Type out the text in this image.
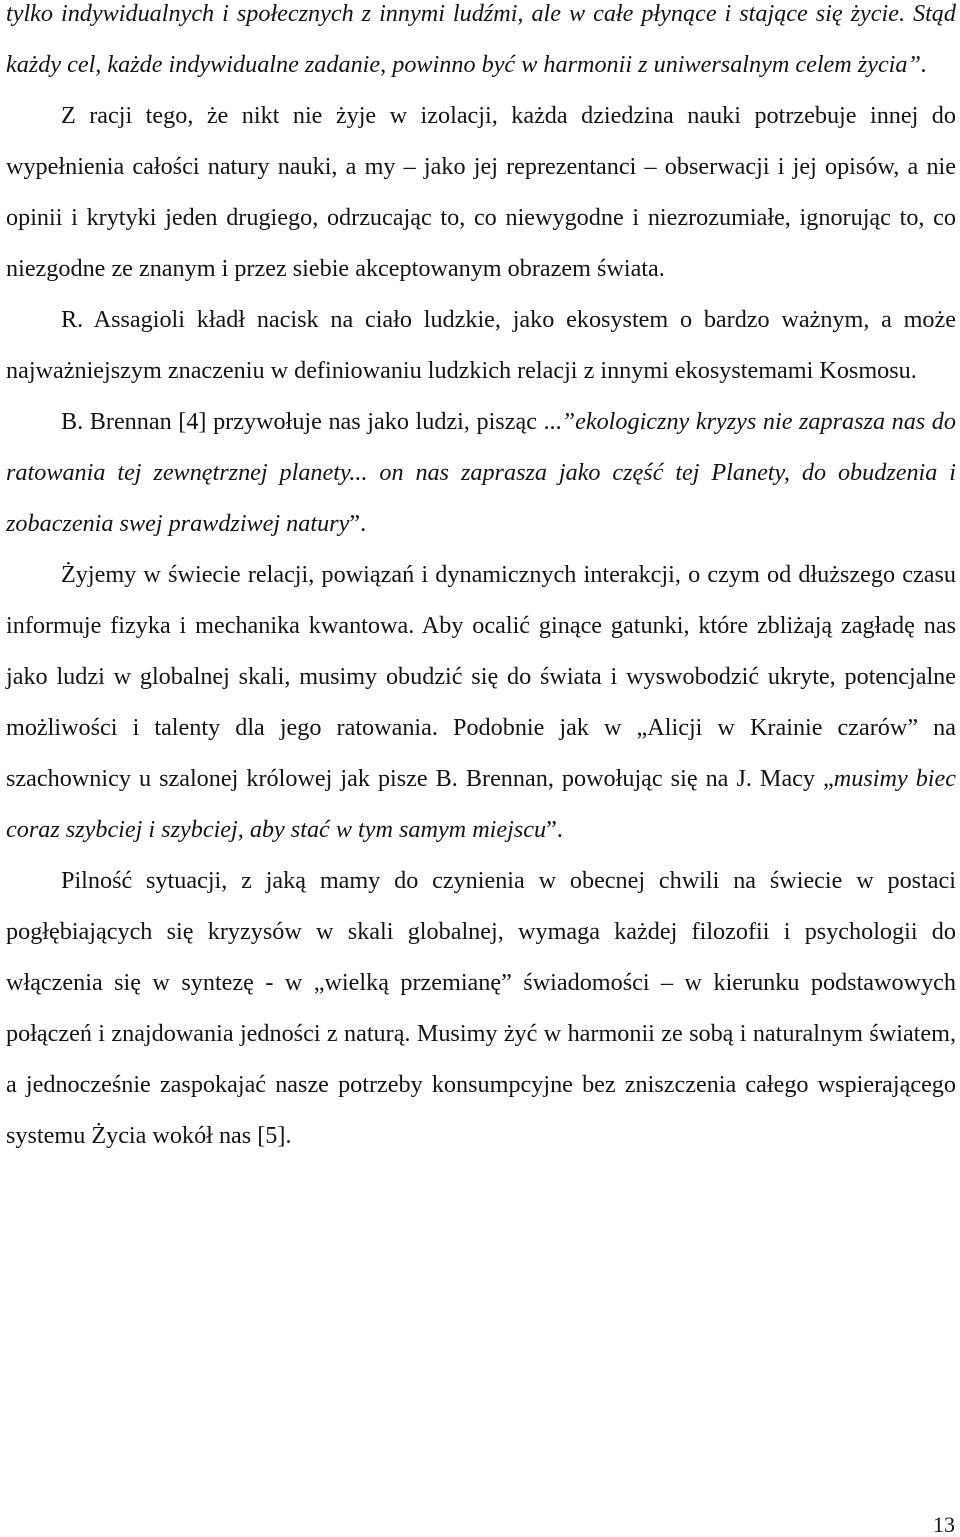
tylko indywidualnych i społecznych z innymi ludźmi, ale w całe płynące i stające się życie. Stąd każdy cel, każde indywidualne zadanie, powinno być w harmonii z uniwersalnym celem życia”.

Z racji tego, że nikt nie żyje w izolacji, każda dziedzina nauki potrzebuje innej do wypełnienia całości natury nauki, a my – jako jej reprezentanci – obserwacji i jej opisów, a nie opinii i krytyki jeden drugiego, odrzucając to, co niewygodne i niezrozumiałe, ignorując to, co niezgodne ze znanym i przez siebie akceptowanym obrazem świata.

R. Assagioli kładł nacisk na ciało ludzkie, jako ekosystem o bardzo ważnym, a może najważniejszym znaczeniu w definiowaniu ludzkich relacji z innymi ekosystemami Kosmosu.

B. Brennan [4] przywołuje nas jako ludzi, pisząc ...”ekologiczny kryzys nie zaprasza nas do ratowania tej zewnętrznej planety... on nas zaprasza jako część tej Planety, do obudzenia i zobaczenia swej prawdziwej natury”.

Żyjemy w świecie relacji, powiązań i dynamicznych interakcji, o czym od dłuższego czasu informuje fizyka i mechanika kwantowa. Aby ocalić ginące gatunki, które zbliżają zagładę nas jako ludzi w globalnej skali, musimy obudzić się do świata i wyswobodzić ukryte, potencjalne możliwości i talenty dla jego ratowania. Podobnie jak w „Alicji w Krainie czarów” na szachownicy u szalonej królowej jak pisze B. Brennan, powołując się na J. Macy „musimy biec coraz szybciej i szybciej, aby stać w tym samym miejscu”.

Pilność sytuacji, z jaką mamy do czynienia w obecnej chwili na świecie w postaci pogłębiających się kryzysów w skali globalnej, wymaga każdej filozofii i psychologii do włączenia się w syntezę - w „wielką przemianę” świadomości – w kierunku podstawowych połączeń i znajdowania jedności z naturą. Musimy żyć w harmonii ze sobą i naturalnym światem, a jednocześnie zaspokajać nasze potrzeby konsumpcyjne bez zniszczenia całego wspierającego systemu Życia wokół nas [5].

13
